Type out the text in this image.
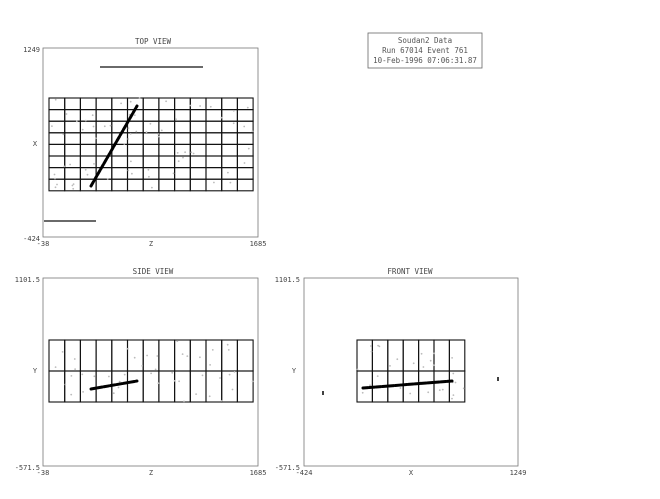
TOP VIEW
1249
-424
X
-38	1685
Z
Soudan2 Data
Run 67014 Event 761
10-Feb-1996 07:06:31.87
SIDE VIEW
1101.5
-571.5
Y
-38	1685
Z
FRONT VIEW
1101.5
-571.5
Y
-424	1249
X
